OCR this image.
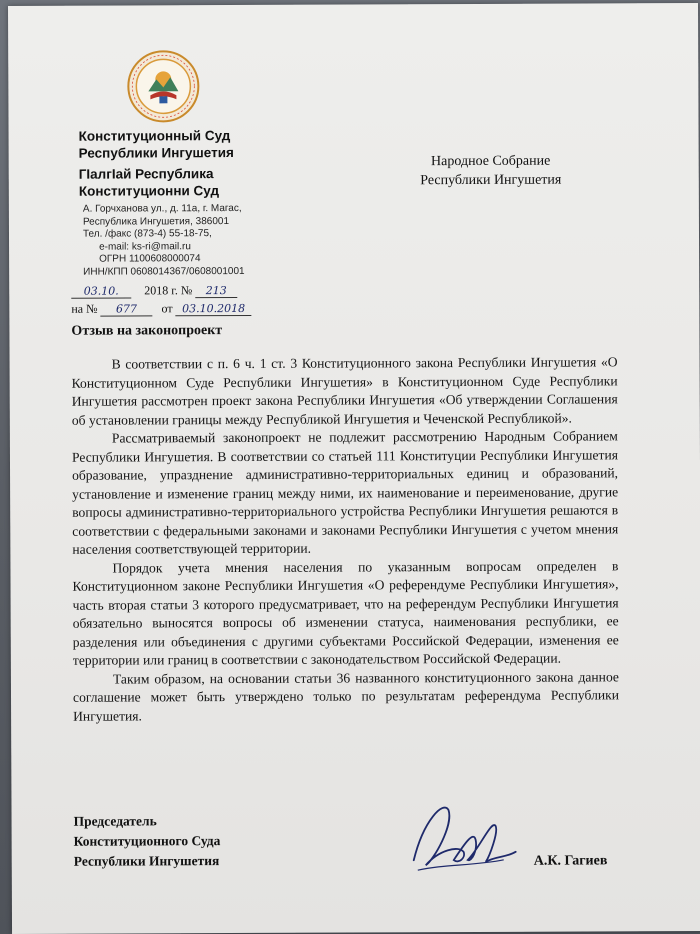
Конституционный Суд
Республики Ингушетия
ГІалгІай Республика
Конституционни Суд
А. Горчханова ул., д. 11а, г. Магас,
Республика Ингушетия, 386001
Тел. /факс (873-4) 55-18-75,
e-mail: ks-ri@mail.ru
ОГРН 1100608000074
ИНН/КПП 0608014367/0608001001
Народное Собрание
Республики Ингушетия
03.10. 2018 г. № 213
на № 677 от 03.10.2018
Отзыв на законопроект

В соответствии с п. 6 ч. 1 ст. 3 Конституционного закона Республики Ингушетия «О Конституционном Суде Республики Ингушетия» в Конституционном Суде Республики Ингушетия рассмотрен проект закона Республики Ингушетия «Об утверждении Соглашения об установлении границы между Республикой Ингушетия и Чеченской Республикой».

Рассматриваемый законопроект не подлежит рассмотрению Народным Собранием Республики Ингушетия. В соответствии со статьей 111 Конституции Республики Ингушетия образование, упразднение административно-территориальных единиц и образований, установление и изменение границ между ними, их наименование и переименование, другие вопросы административно-территориального устройства Республики Ингушетия решаются в соответствии с федеральными законами и законами Республики Ингушетия с учетом мнения населения соответствующей территории.

Порядок учета мнения населения по указанным вопросам определен в Конституционном законе Республики Ингушетия «О референдуме Республики Ингушетия», часть вторая статьи 3 которого предусматривает, что на референдум Республики Ингушетия обязательно выносятся вопросы об изменении статуса, наименования республики, ее разделения или объединения с другими субъектами Российской Федерации, изменения ее территории или границ в соответствии с законодательством Российской Федерации.

Таким образом, на основании статьи 36 названного конституционного закона данное соглашение может быть утверждено только по результатам референдума Республики Ингушетия.

Председатель
Конституционного Суда
Республики Ингушетия	А.К. Гагиев
